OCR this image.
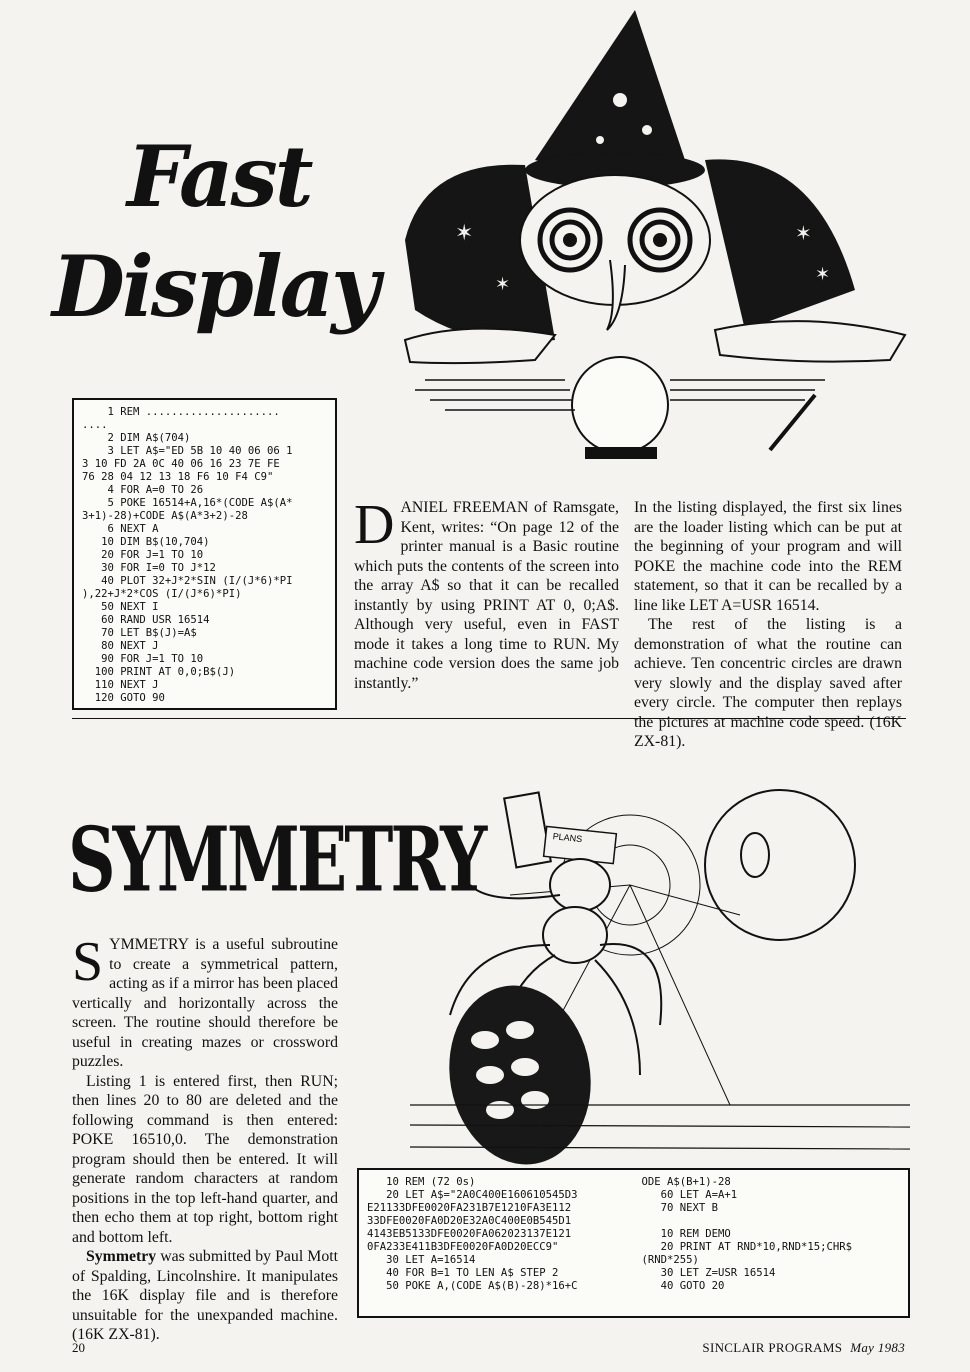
Fast
Display
✶
✶
✶
✶
1 REM .....................
....
2 DIM A$(704)
3 LET A$="ED 5B 10 40 06 06 1
3 10 FD 2A 0C 40 06 16 23 7E FE
76 28 04 12 13 18 F6 10 F4 C9"
4 FOR A=0 TO 26
5 POKE 16514+A,16*(CODE A$(A*
3+1)-28)+CODE A$(A*3+2)-28
6 NEXT A
10 DIM B$(10,704)
20 FOR J=1 TO 10
30 FOR I=0 TO J*12
40 PLOT 32+J*2*SIN (I/(J*6)*PI
),22+J*2*COS (I/(J*6)*PI)
50 NEXT I
60 RAND USR 16514
70 LET B$(J)=A$
80 NEXT J
90 FOR J=1 TO 10
100 PRINT AT 0,0;B$(J)
110 NEXT J
120 GOTO 90

DANIEL FREEMAN of Ramsgate, Kent, writes: “On page 12 of the printer manual is a Basic routine which puts the contents of the screen into the array A$ so that it can be recalled instantly by using PRINT AT 0, 0;A$. Although very useful, even in FAST mode it takes a long time to RUN. My machine code version does the same job instantly.”

In the listing displayed, the first six lines are the loader listing which can be put at the beginning of your program and will POKE the machine code into the REM statement, so that it can be recalled by a line like LET A=USR 16514.

The rest of the listing is a demonstration of what the routine can achieve. Ten concentric circles are drawn very slowly and the display saved after every circle. The computer then replays the pictures at machine code speed. (16K ZX-81).

SYMMETRY	PLANS

SYMMETRY is a useful subroutine to create a symmetrical pattern, acting as if a mirror has been placed vertically and horizontally across the screen. The routine should therefore be useful in creating mazes or crossword puzzles.

Listing 1 is entered first, then RUN; then lines 20 to 80 are deleted and the following command is then entered: POKE 16510,0. The demonstration program should then be entered. It will generate random characters at random positions in the top left-hand quarter, and then echo them at top right, bottom right and bottom left.

Symmetry was submitted by Paul Mott of Spalding, Lincolnshire. It manipulates the 16K display file and is therefore unsuitable for the unexpanded machine. (16K ZX-81).

10 REM (72 0s)
20 LET A$="2A0C400E160610545D3
E21133DFE0020FA231B7E1210FA3E112
33DFE0020FA0D20E32A0C400E0B545D1
4143EB5133DFE0020FA062023137E121
0FA233E411B3DFE0020FA0D20ECC9"
30 LET A=16514
40 FOR B=1 TO LEN A$ STEP 2
50 POKE A,(CODE A$(B)-28)*16+C
ODE A$(B+1)-28
60 LET A=A+1
70 NEXT B

10 REM DEMO
20 PRINT AT RND*10,RND*15;CHR$
(RND*255)
30 LET Z=USR 16514
40 GOTO 20
20	SINCLAIR PROGRAMS May 1983
